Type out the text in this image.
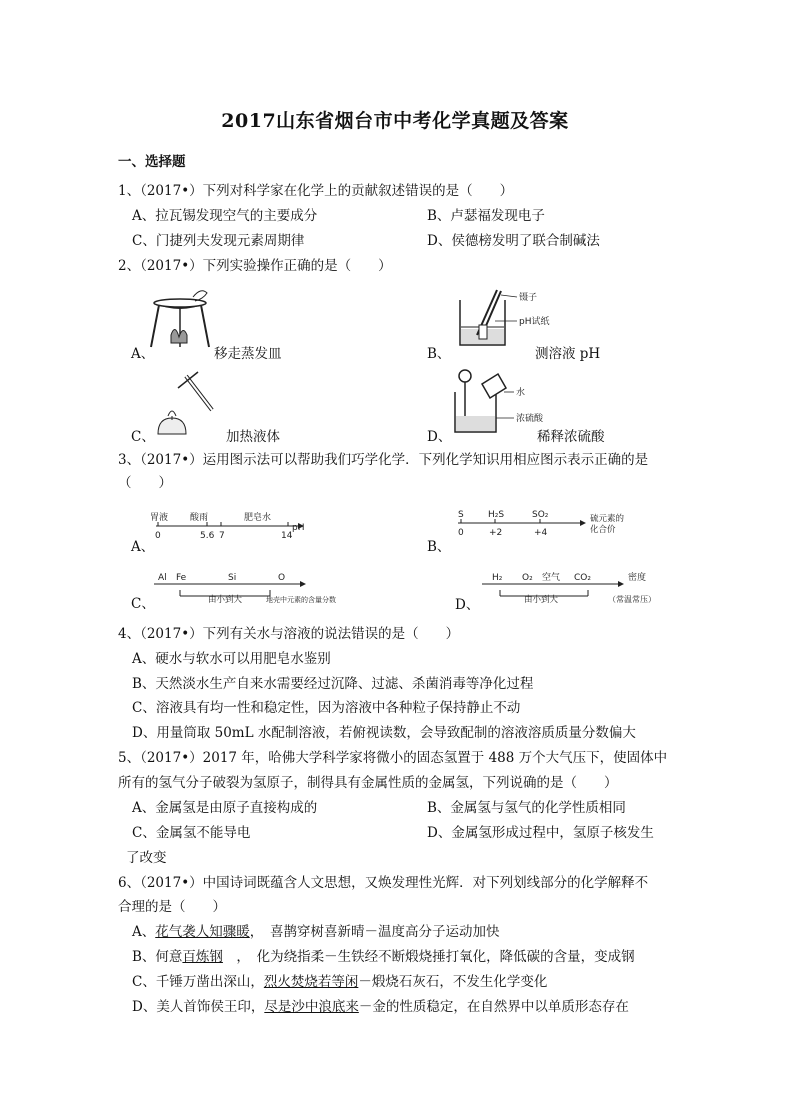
2017山东省烟台市中考化学真题及答案
一、选择题
1、（2017•）下列对科学家在化学上的贡献叙述错误的是（　　）
A、拉瓦锡发现空气的主要成分	B、卢瑟福发现电子
C、门捷列夫发现元素周期律	D、侯德榜发明了联合制碱法
2、（2017•）下列实验操作正确的是（　　）
A、	移走蒸发皿
镊子
pH试纸
B、	测溶液 pH
C、	加热液体
水
浓硫酸
D、	稀释浓硫酸
3、（2017•）运用图示法可以帮助我们巧学化学．下列化学知识用相应图示表示正确的是
（　　）
胃液 酸雨	肥皂水
pH
0	5.6 7	14
A、
S	H₂S	SO₂	硫元素的
化合价
0	+2	+4
B、
Al Fe	Si	O
由小到大	地壳中元素的含量分数
C、
H₂ O₂ 空气 CO₂	密度
由小到大	（常温常压）
D、
4、（2017•）下列有关水与溶液的说法错误的是（　　）
A、硬水与软水可以用肥皂水鉴别
B、天然淡水生产自来水需要经过沉降、过滤、杀菌消毒等净化过程
C、溶液具有均一性和稳定性，因为溶液中各种粒子保持静止不动
D、用量筒取 50mL 水配制溶液，若俯视读数，会导致配制的溶液溶质质量分数偏大
5、（2017•）2017 年，哈佛大学科学家将微小的固态氢置于 488 万个大气压下，使固体中
所有的氢气分子破裂为氢原子，制得具有金属性质的金属氢，下列说确的是（　　）
A、金属氢是由原子直接构成的	B、金属氢与氢气的化学性质相同
C、金属氢不能导电	D、金属氢形成过程中，氢原子核发生
了改变
6、（2017•）中国诗词既蕴含人文思想，又焕发理性光辉．对下列划线部分的化学解释不
合理的是（　　）
A、花气袭人知骤暖，　喜鹊穿树喜新晴－温度高分子运动加快
B、何意百炼钢　，　化为绕指柔－生铁经不断煅烧捶打氧化，降低碳的含量，变成钢
C、千锤万凿出深山，烈火焚烧若等闲－煅烧石灰石，不发生化学变化
D、美人首饰侯王印，尽是沙中浪底来－金的性质稳定，在自然界中以单质形态存在
